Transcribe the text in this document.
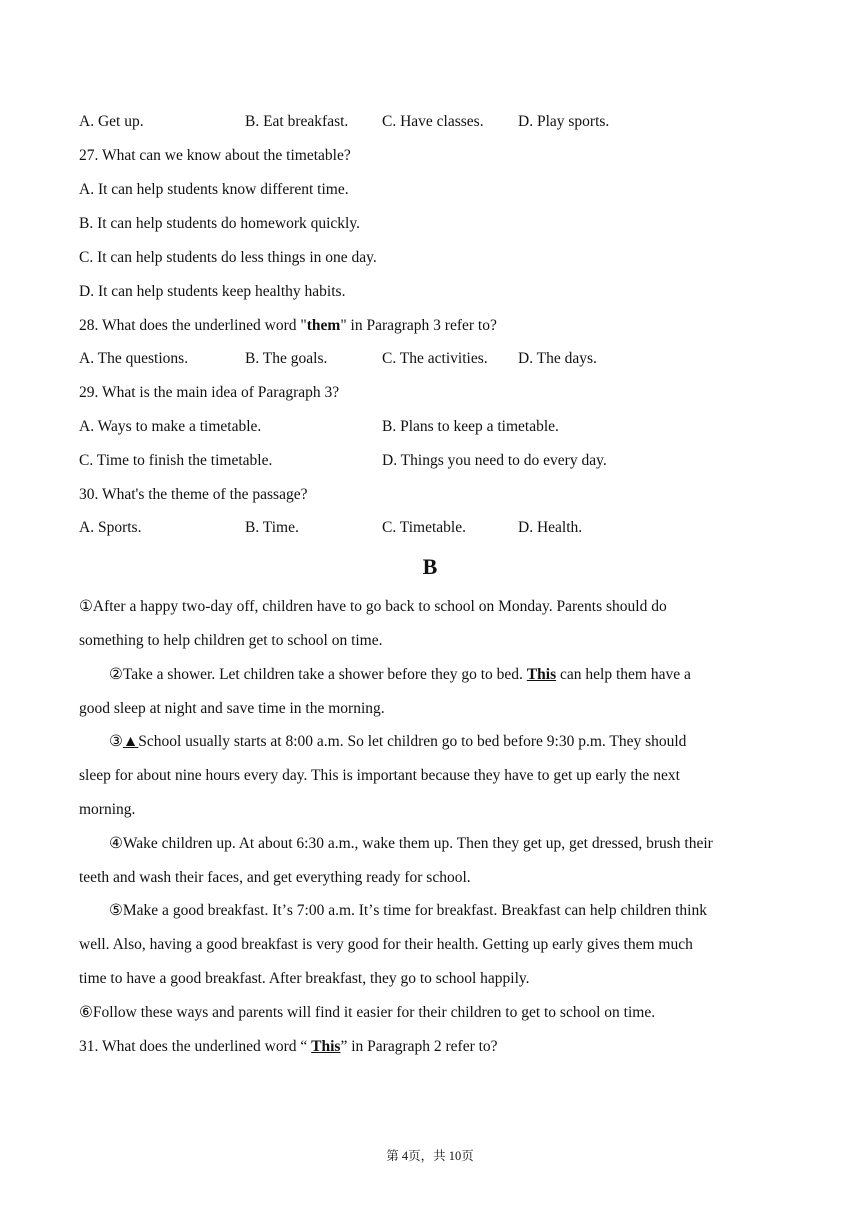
A. Get up.	B. Eat breakfast. C. Have classes. D. Play sports.
27. What can we know about the timetable?
A. It can help students know different time.
B. It can help students do homework quickly.
C. It can help students do less things in one day.
D. It can help students keep healthy habits.
28. What does the underlined word "them" in Paragraph 3 refer to?
A. The questions.	B. The goals.	C. The activities. D. The days.
29. What is the main idea of Paragraph 3?
A. Ways to make a timetable.	B. Plans to keep a timetable.
C. Time to finish the timetable.	D. Things you need to do every day.
30. What's the theme of the passage?
A. Sports.	B. Time.	C. Timetable.	D. Health.
B
①After a happy two-day off, children have to go back to school on Monday. Parents should do
something to help children get to school on time.
②Take a shower. Let children take a shower before they go to bed. This can help them have a
good sleep at night and save time in the morning.
③▲School usually starts at 8:00 a.m. So let children go to bed before 9:30 p.m. They should
sleep for about nine hours every day. This is important because they have to get up early the next
morning.
④Wake children up. At about 6:30 a.m., wake them up. Then they get up, get dressed, brush their
teeth and wash their faces, and get everything ready for school.
⑤Make a good breakfast. Itʼs 7:00 a.m. Itʼs time for breakfast. Breakfast can help children think
well. Also, having a good breakfast is very good for their health. Getting up early gives them much
time to have a good breakfast. After breakfast, they go to school happily.
⑥Follow these ways and parents will find it easier for their children to get to school on time.
31. What does the underlined word “ This” in Paragraph 2 refer to?
第 4页，共 10页
